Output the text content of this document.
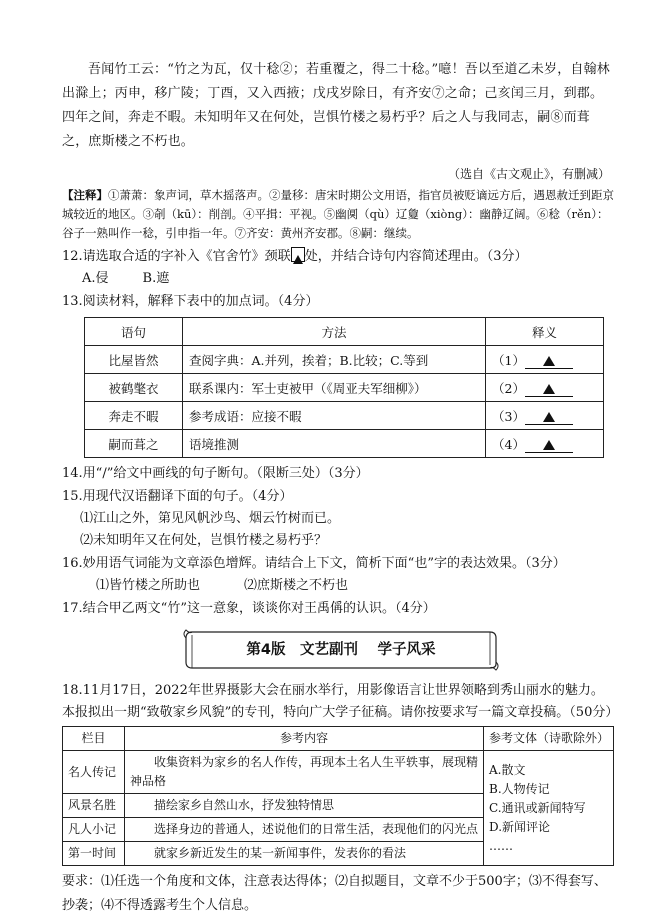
吾闻竹工云：“竹之为瓦，仅十稔②；若重覆之，得二十稔。”噫！吾以至道乙未岁，自翰林出滁上；丙申，移广陵；丁酉，又入西掖；戊戌岁除日，有齐安⑦之命；己亥闰三月，到郡。四年之间，奔走不暇。未知明年又在何处，岂惧竹楼之易朽乎？后之人与我同志，嗣⑧而葺之，庶斯楼之不朽也。
（选自《古文观止》，有删减）
【注释】①萧萧：象声词，草木摇落声。②量移：唐宋时期公文用语，指官员被贬谪远方后，遇恩赦迁到距京城较近的地区。③剞（kū）：削剖。④平揖：平视。⑤幽阒（qù）辽敻（xiòng）：幽静辽阔。⑥稔（rěn）：谷子一熟叫作一稔，引申指一年。⑦齐安：黄州齐安郡。⑧嗣：继续。
12.请选取合适的字补入《官舍竹》颈联 处，并结合诗句内容简述理由。（3分）
A.侵	B.遮
13.阅读材料，解释下表中的加点词。（4分）
语句	方法	释义
比屋皆然	查阅字典：A.并列，挨着；B.比较；C.等到	（1）
被鹤氅衣	联系课内：军士吏被甲（《周亚夫军细柳》）	（2）
奔走不暇	参考成语：应接不暇	（3）
嗣而葺之	语境推测	（4）
14.用“/”给文中画线的句子断句。（限断三处）（3分）
15.用现代汉语翻译下面的句子。（4分）
⑴江山之外，第见风帆沙鸟、烟云竹树而已。
⑵未知明年又在何处，岂惧竹楼之易朽乎？
16.妙用语气词能为文章添色增辉。请结合上下文，简析下面“也”字的表达效果。（3分）
⑴皆竹楼之所助也	⑵庶斯楼之不朽也
17.结合甲乙两文“竹”这一意象，谈谈你对王禹偁的认识。（4分）
第4版　文艺副刊　 学子风采
18.11月17日，2022年世界摄影大会在丽水举行，用影像语言让世界领略到秀山丽水的魅力。本报拟出一期“致敬家乡风貌”的专刊，特向广大学子征稿。请你按要求写一篇文章投稿。（50分）
栏目	参考内容	参考文体（诗歌除外）
名人传记	收集资料为家乡的名人作传，再现本土名人生平轶事，展现精神品格	A.散文
B.人物传记
C.通讯或新闻特写
D.新闻评论
……

风景名胜	描绘家乡自然山水，抒发独特情思	
凡人小记	选择身边的普通人，述说他们的日常生活，表现他们的闪光点	
第一时间	就家乡新近发生的某一新闻事件，发表你的看法	
要求：⑴任选一个角度和文体，注意表达得体；⑵自拟题目，文章不少于500字；⑶不得套写、抄袭；⑷不得透露考生个人信息。
